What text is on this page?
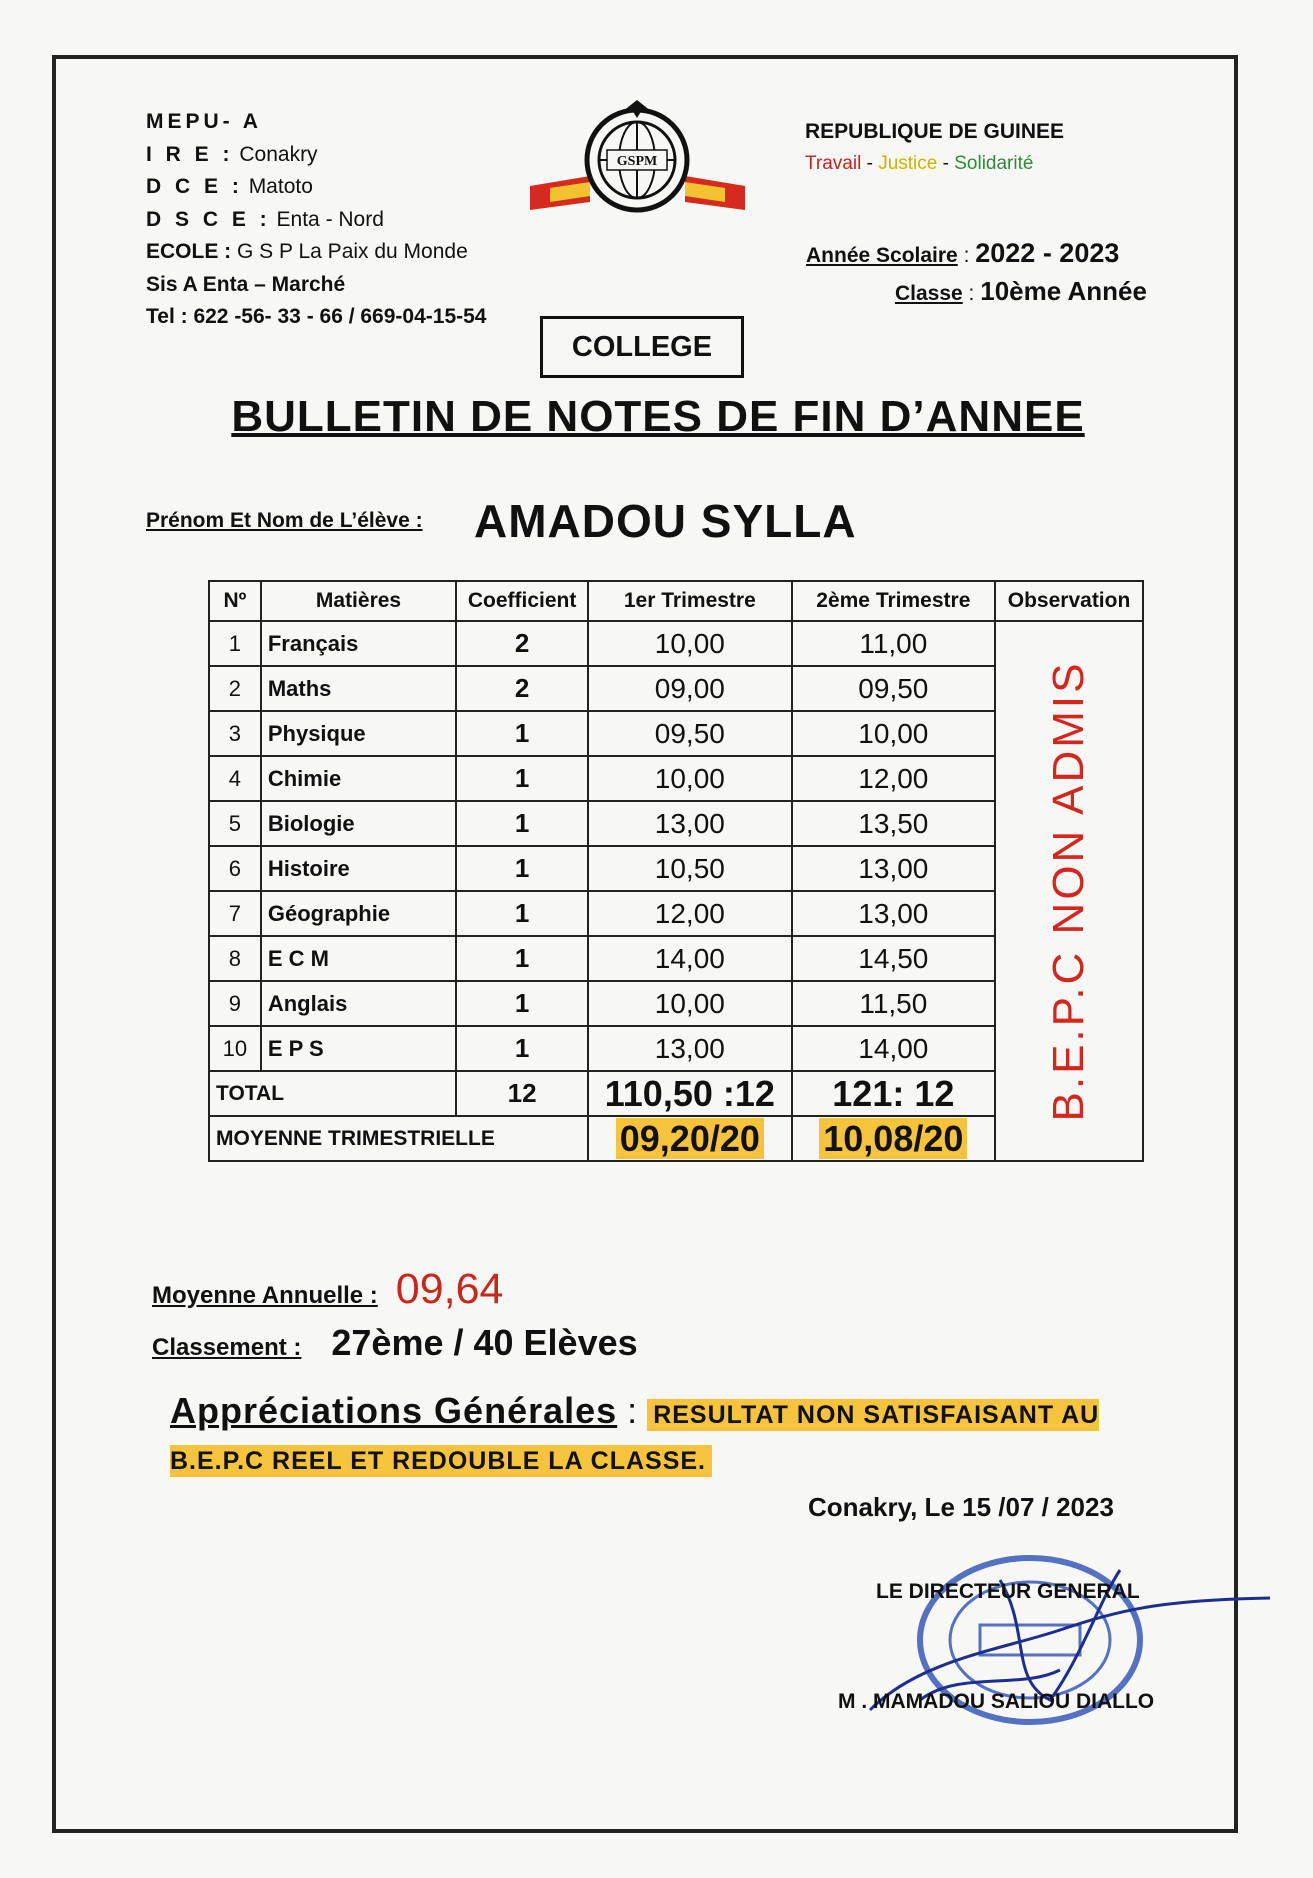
MEPU- A
I R E : Conakry
D C E : Matoto
D S C E : Enta - Nord
ECOLE : G S P La Paix du Monde
Sis A Enta – Marché
Tel : 622 -56- 33 - 66 / 669-04-15-54
GSPM
REPUBLIQUE DE GUINEE
Travail - Justice - Solidarité
Année Scolaire : 2022 - 2023
Classe : 10ème Année
COLLEGE
BULLETIN DE NOTES DE FIN D’ANNEE
Prénom Et Nom de L’élève : AMADOU SYLLA
Nº	Matières	Coefficient	1er Trimestre	2ème Trimestre	Observation
1	Français	2	10,00	11,00	B.E.P.C NON ADMIS

2	Maths	2	09,00	09,50	
3	Physique	1	09,50	10,00	
4	Chimie	1	10,00	12,00	
5	Biologie	1	13,00	13,50	
6	Histoire	1	10,50	13,00	
7	Géographie	1	12,00	13,00	
8	E C M	1	14,00	14,50	
9	Anglais	1	10,00	11,50	
10	E P S	1	13,00	14,00	
TOTAL		12	110,50 :12	121: 12	
MOYENNE TRIMESTRIELLE			09,20/20	10,08/20	
Moyenne Annuelle : 09,64
Classement : 27ème / 40 Elèves
Appréciations Générales : RESULTAT NON SATISFAISANT AU B.E.P.C REEL ET REDOUBLE LA CLASSE.
Conakry, Le 15 /07 / 2023
LE DIRECTEUR GENERAL
M . MAMADOU SALIOU DIALLO
